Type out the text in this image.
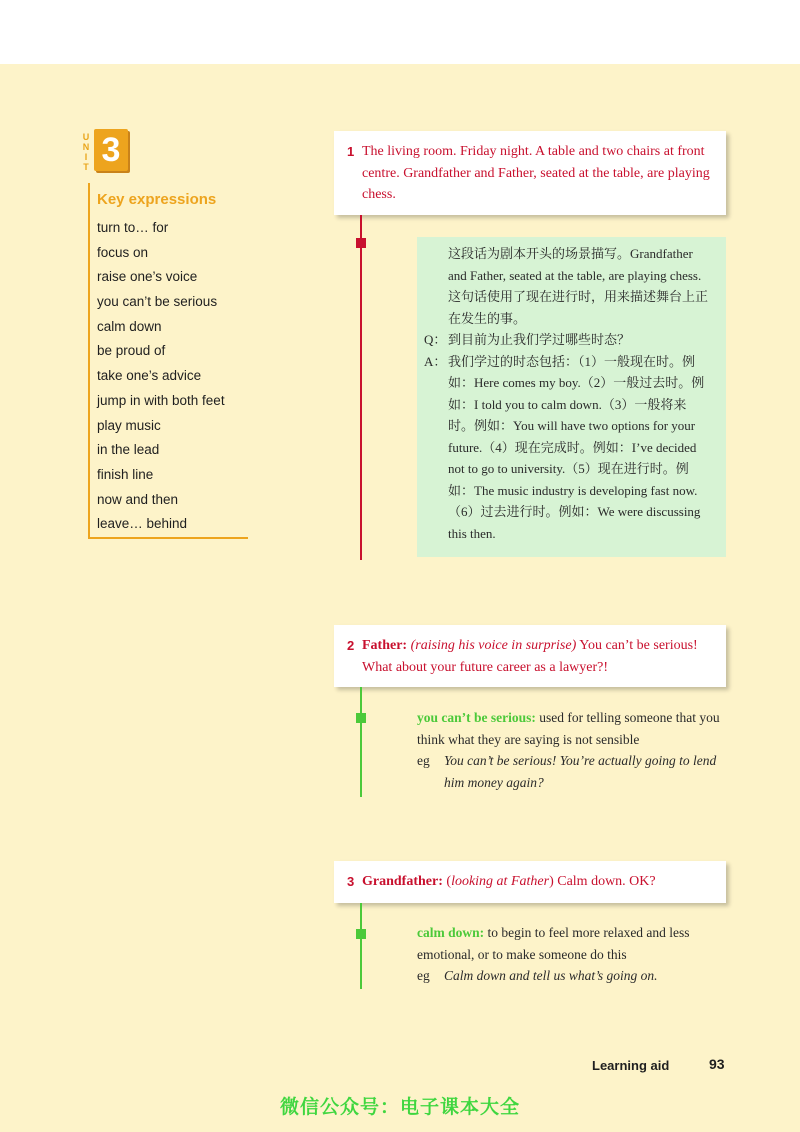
U
N
I
T 3
Key expressions
turn to… for
focus on
raise one’s voice
you can’t be serious
calm down
be proud of
take one’s advice
jump in with both feet
play music
in the lead
finish line
now and then
leave… behind
1 The living room. Friday night. A table and two chairs at front centre. Grandfather and Father, seated at the table, are playing chess.
这段话为剧本开头的场景描写。Grandfather and Father, seated at the table, are playing chess. 这句话使用了现在进行时，用来描述舞台上正在发生的事。
Q： 到目前为止我们学过哪些时态？
A： 我们学过的时态包括：（1）一般现在时。例如：Here comes my boy.（2）一般过去时。例如：I told you to calm down.（3）一般将来时。例如：You will have two options for your future.（4）现在完成时。例如：I’ve decided not to go to university.（5）现在进行时。例如：The music industry is developing fast now.（6）过去进行时。例如：We were discussing this then.
2 Father: (raising his voice in surprise) You can’t be serious! What about your future career as a lawyer?!
you can’t be serious: used for telling someone that you think what they are saying is not sensible
eg	You can’t be serious! You’re actually going to lend him money again?
3 Grandfather: (looking at Father) Calm down. OK?
calm down: to begin to feel more relaxed and less emotional, or to make someone do this
eg	Calm down and tell us what’s going on.
Learning aid	93
微信公众号：电子课本大全
